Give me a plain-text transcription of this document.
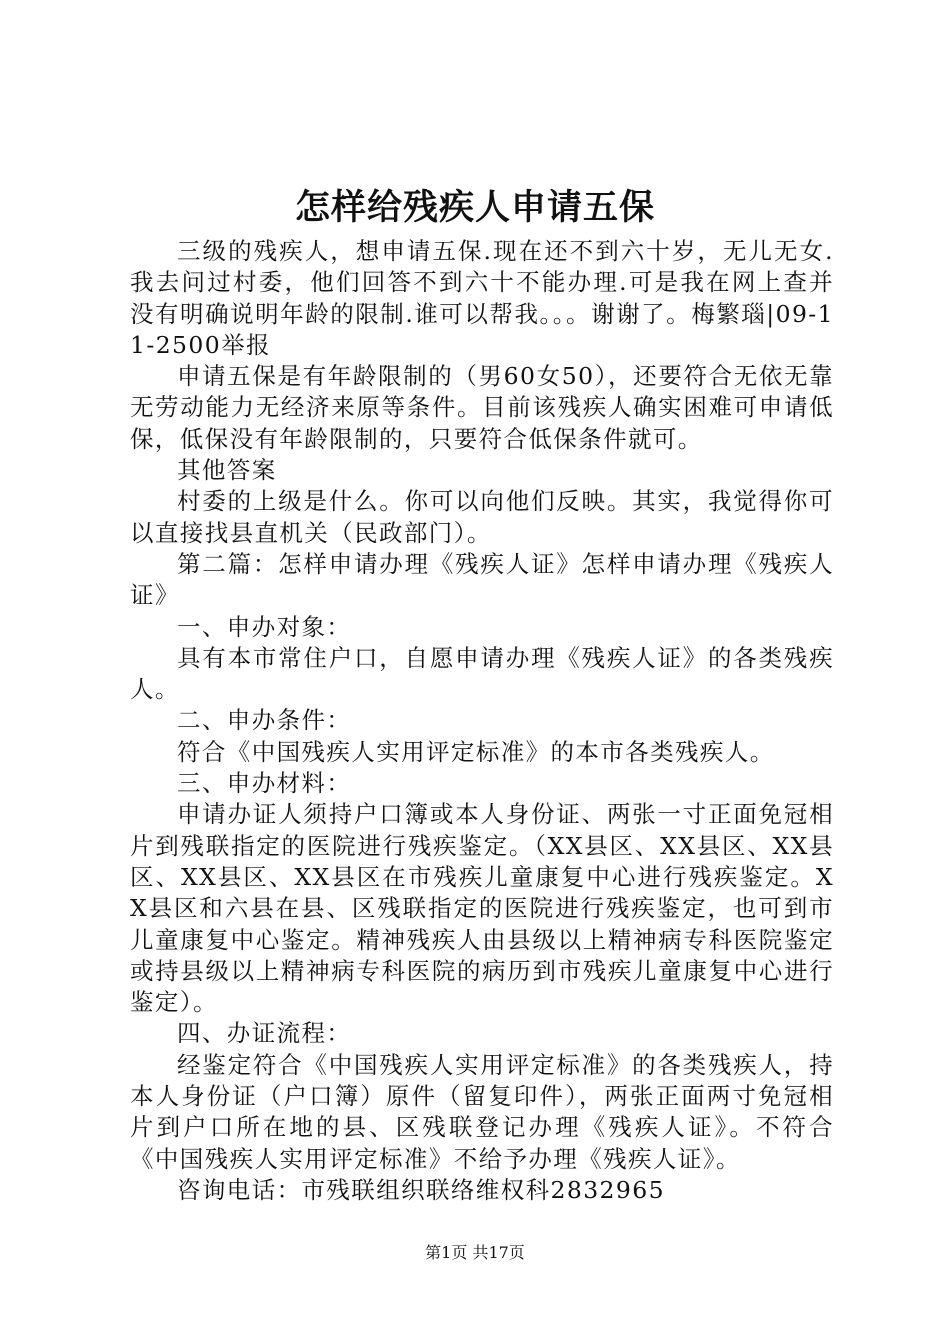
怎样给残疾人申请五保

三级的残疾人，想申请五保.现在还不到六十岁，无儿无女.我去问过村委，他们回答不到六十不能办理.可是我在网上查并没有明确说明年龄的限制.谁可以帮我。。。谢谢了。梅繁瑙|09-11-2500举报

申请五保是有年龄限制的（男60女50），还要符合无依无靠无劳动能力无经济来原等条件。目前该残疾人确实困难可申请低保，低保没有年龄限制的，只要符合低保条件就可。

其他答案

村委的上级是什么。你可以向他们反映。其实，我觉得你可以直接找县直机关（民政部门）。

第二篇：怎样申请办理《残疾人证》怎样申请办理《残疾人证》

一、申办对象：

具有本市常住户口，自愿申请办理《残疾人证》的各类残疾人。

二、申办条件：

符合《中国残疾人实用评定标准》的本市各类残疾人。

三、申办材料：

申请办证人须持户口簿或本人身份证、两张一寸正面免冠相片到残联指定的医院进行残疾鉴定。（XX县区、XX县区、XX县区、XX县区、XX县区在市残疾儿童康复中心进行残疾鉴定。XX县区和六县在县、区残联指定的医院进行残疾鉴定，也可到市儿童康复中心鉴定。精神残疾人由县级以上精神病专科医院鉴定或持县级以上精神病专科医院的病历到市残疾儿童康复中心进行鉴定）。

四、办证流程：

经鉴定符合《中国残疾人实用评定标准》的各类残疾人，持本人身份证（户口簿）原件（留复印件），两张正面两寸免冠相片到户口所在地的县、区残联登记办理《残疾人证》。不符合《中国残疾人实用评定标准》不给予办理《残疾人证》。

咨询电话：市残联组织联络维权科2832965

第1页 共17页
